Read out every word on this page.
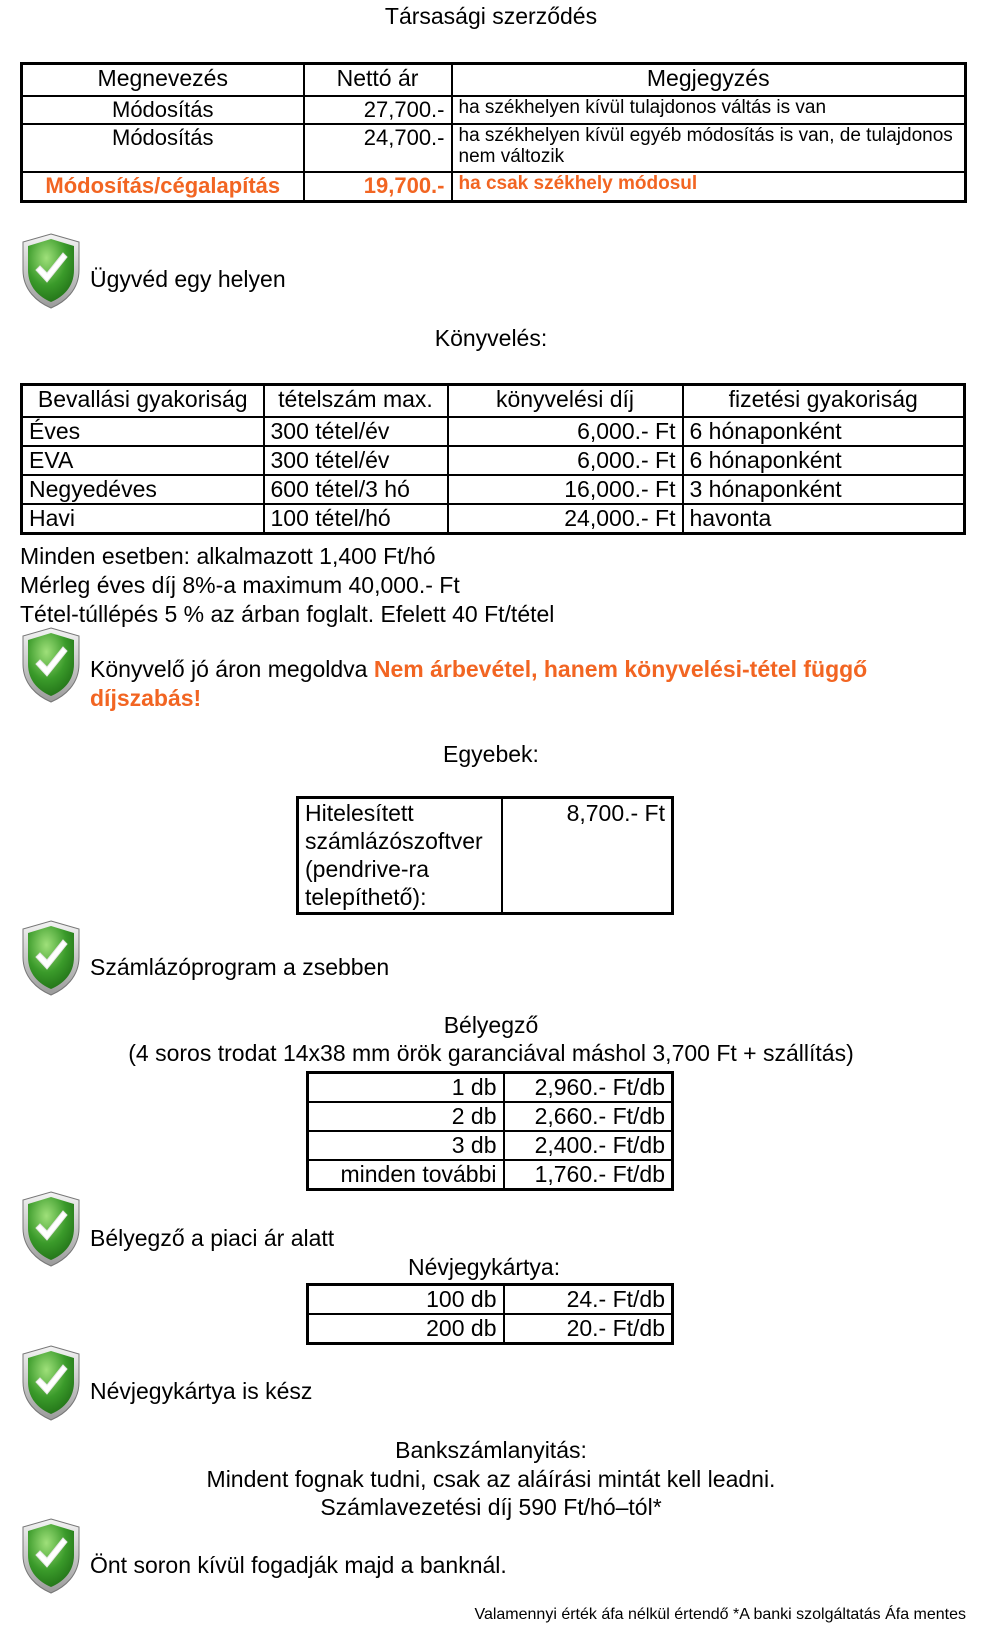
Társasági szerződés
Megnevezés	Nettó ár	Megjegyzés
Módosítás	27,700.-	ha székhelyen kívül tulajdonos váltás is van
Módosítás	24,700.-	ha székhelyen kívül egyéb módosítás is van, de tulajdonos nem változik
Módosítás/cégalapítás	19,700.-	ha csak székhely módosul
Ügyvéd egy helyen
Könyvelés:
Bevallási gyakoriság	tételszám max.	könyvelési díj	fizetési gyakoriság
Éves	300 tétel/év	6,000.- Ft	6 hónaponként
EVA	300 tétel/év	6,000.- Ft	6 hónaponként
Negyedéves	600 tétel/3 hó	16,000.- Ft	3 hónaponként
Havi	100 tétel/hó	24,000.- Ft	havonta
Minden esetben: alkalmazott 1,400 Ft/hó
Mérleg éves díj 8%-a maximum 40,000.- Ft
Tétel-túllépés 5 % az árban foglalt. Efelett 40 Ft/tétel
Könyvelő jó áron megoldva Nem árbevétel, hanem könyvelési-tétel függő díjszabás!
Egyebek:
Hitelesített számlázószoftver (pendrive-ra telepíthető):	8,700.- Ft
Számlázóprogram a zsebben
Bélyegző
(4 soros trodat 14x38 mm örök garanciával máshol 3,700 Ft + szállítás)
1 db	2,960.- Ft/db
2 db	2,660.- Ft/db
3 db	2,400.- Ft/db
minden további	1,760.- Ft/db
Bélyegző a piaci ár alatt
Névjegykártya:
100 db	24.- Ft/db
200 db	20.- Ft/db
Névjegykártya is kész
Bankszámlanyitás:
Mindent fognak tudni, csak az aláírási mintát kell leadni.
Számlavezetési díj 590 Ft/hó–tól*
Önt soron kívül fogadják majd a banknál.
Valamennyi érték áfa nélkül értendő *A banki szolgáltatás Áfa mentes
